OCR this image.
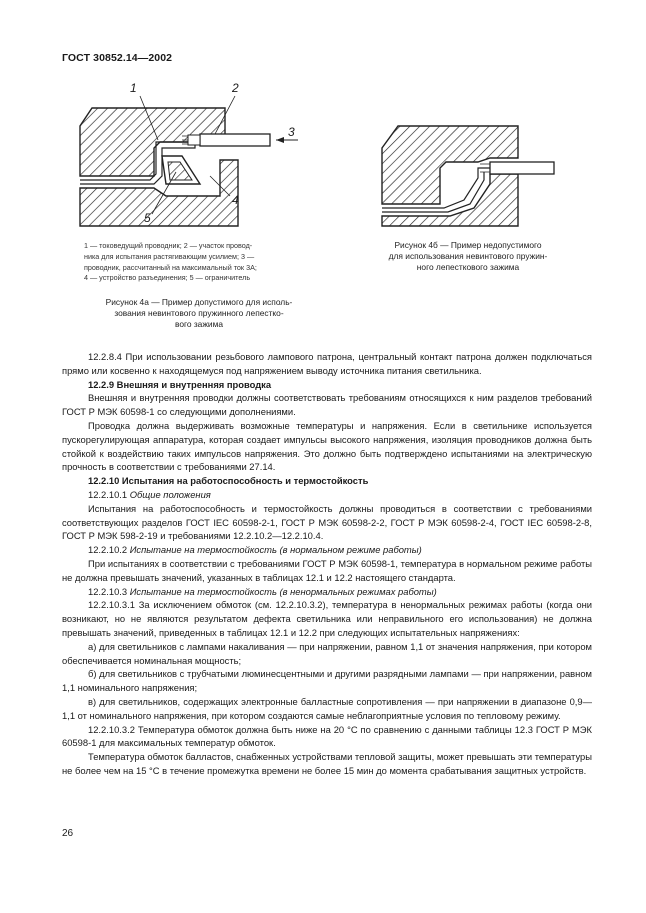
ГОСТ 30852.14—2002
1	2
3
4
5
1 — токоведущий проводник; 2 — участок провод-
ника для испытания растягивающим усилием; 3 —
проводник, рассчитанный на максимальный ток 3А;
4 — устройство разъединения; 5 — ограничитель
Рисунок 4а — Пример допустимого для исполь-
зования невинтового пружинного лепестко-
вого зажима
Рисунок 4б — Пример недопустимого
для использования невинтового пружин-
ного лепесткового зажима

12.2.8.4 При использовании резьбового лампового патрона, центральный контакт патрона должен подключаться прямо или косвенно к находящемуся под напряжением выводу источника питания светильника.

12.2.9 Внешняя и внутренняя проводка

Внешняя и внутренняя проводки должны соответствовать требованиям относящихся к ним разделов требований ГОСТ Р МЭК 60598-1 со следующими дополнениями.

Проводка должна выдерживать возможные температуры и напряжения. Если в светильнике используется пускорегулирующая аппаратура, которая создает импульсы высокого напряжения, изоляция проводников должна быть стойкой к воздействию таких импульсов напряжения. Это должно быть подтверждено испытаниями на электрическую прочность в соответствии с требованиями 27.14.

12.2.10 Испытания на работоспособность и термостойкость

12.2.10.1 Общие положения

Испытания на работоспособность и термостойкость должны проводиться в соответствии с требованиями соответствующих разделов ГОСТ IEC 60598-2-1, ГОСТ Р МЭК 60598-2-2, ГОСТ Р МЭК 60598-2-4, ГОСТ IEC 60598-2-8, ГОСТ Р МЭК 598-2-19 и требованиями 12.2.10.2—12.2.10.4.

12.2.10.2 Испытание на термостойкость (в нормальном режиме работы)

При испытаниях в соответствии с требованиями ГОСТ Р МЭК 60598-1, температура в нормальном режиме работы не должна превышать значений, указанных в таблицах 12.1 и 12.2 настоящего стандарта.

12.2.10.3 Испытание на термостойкость (в ненормальных режимах работы)

12.2.10.3.1 За исключением обмоток (см. 12.2.10.3.2), температура в ненормальных режимах работы (когда они возникают, но не являются результатом дефекта светильника или неправильного его использования) не должна превышать значений, приведенных в таблицах 12.1 и 12.2 при следующих испытательных напряжениях:

а) для светильников с лампами накаливания — при напряжении, равном 1,1 от значения напряжения, при котором обеспечивается номинальная мощность;

б) для светильников с трубчатыми люминесцентными и другими разрядными лампами — при напряжении, равном 1,1 номинального напряжения;

в) для светильников, содержащих электронные балластные сопротивления — при напряжении в диапазоне 0,9—1,1 от номинального напряжения, при котором создаются самые неблагоприятные условия по тепловому режиму.

12.2.10.3.2 Температура обмоток должна быть ниже на 20 °С по сравнению с данными таблицы 12.3 ГОСТ Р МЭК 60598-1 для максимальных температур обмоток.

Температура обмоток балластов, снабженных устройствами тепловой защиты, может превышать эти температуры не более чем на 15 °С в течение промежутка времени не более 15 мин до момента срабатывания защитных устройств.

26
